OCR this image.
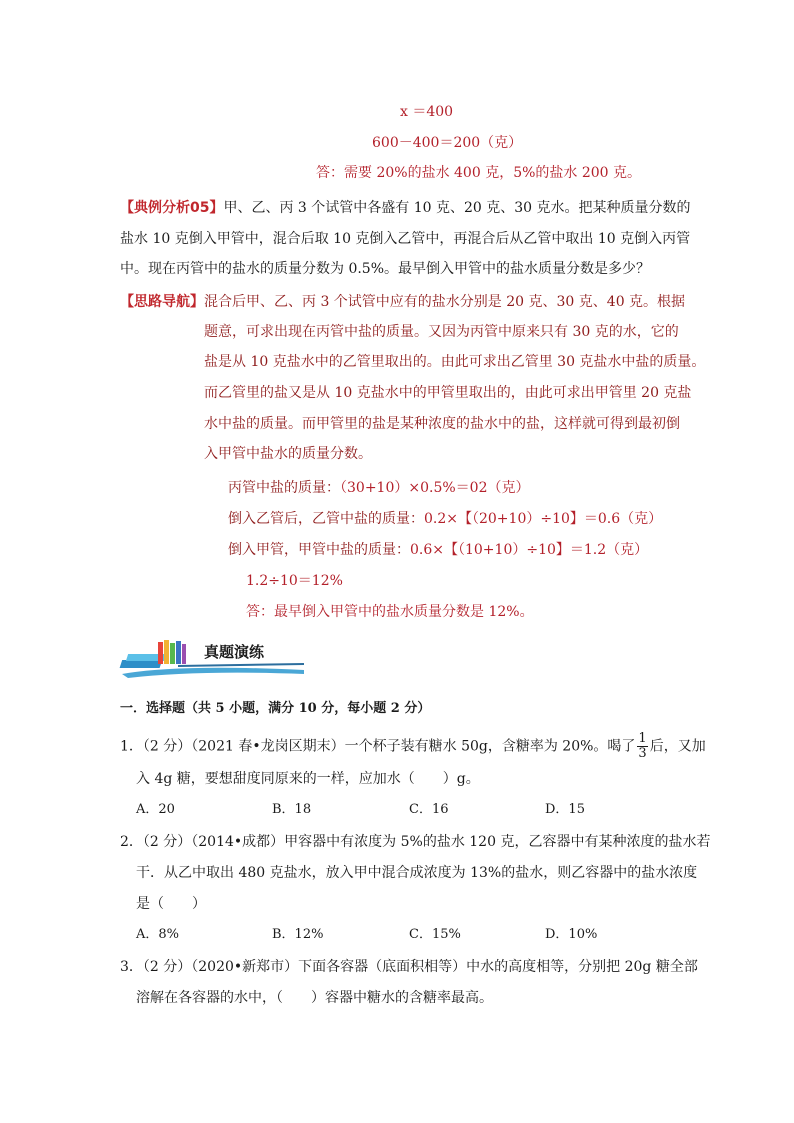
x ＝400
600－400＝200（克）
答：需要 20%的盐水 400 克，5%的盐水 200 克。
【典例分析05】甲、乙、丙 3 个试管中各盛有 10 克、20 克、30 克水。把某种质量分数的
盐水 10 克倒入甲管中，混合后取 10 克倒入乙管中，再混合后从乙管中取出 10 克倒入丙管
中。现在丙管中的盐水的质量分数为 0.5%。最早倒入甲管中的盐水质量分数是多少？
【思路导航】混合后甲、乙、丙 3 个试管中应有的盐水分别是 20 克、30 克、40 克。根据
题意，可求出现在丙管中盐的质量。又因为丙管中原来只有 30 克的水，它的
盐是从 10 克盐水中的乙管里取出的。由此可求出乙管里 30 克盐水中盐的质量。
而乙管里的盐又是从 10 克盐水中的甲管里取出的，由此可求出甲管里 20 克盐
水中盐的质量。而甲管里的盐是某种浓度的盐水中的盐，这样就可得到最初倒
入甲管中盐水的质量分数。
丙管中盐的质量：（30+10）×0.5%＝02（克）
倒入乙管后，乙管中盐的质量：0.2×【（20+10）÷10】＝0.6（克）
倒入甲管，甲管中盐的质量：0.6×【（10+10）÷10】＝1.2（克）
1.2÷10＝12%
答：最早倒入甲管中的盐水质量分数是 12%。
真题演练
一．选择题（共 5 小题，满分 10 分，每小题 2 分）
1．（2 分）（2021 春•龙岗区期末）一个杯子装有糖水 50g，含糖率为 20%。喝了 $\frac{1}{3}$ 后，又加
入 4g 糖，要想甜度同原来的一样，应加水（　　）g。
A．20	B．18	C．16	D．15
2．（2 分）（2014•成都）甲容器中有浓度为 5%的盐水 120 克，乙容器中有某种浓度的盐水若
干．从乙中取出 480 克盐水，放入甲中混合成浓度为 13%的盐水，则乙容器中的盐水浓度
是（　　）
A．8%	B．12%	C．15%	D．10%
3．（2 分）（2020•新郑市）下面各容器（底面积相等）中水的高度相等，分别把 20g 糖全部
溶解在各容器的水中，（　　）容器中糖水的含糖率最高。
